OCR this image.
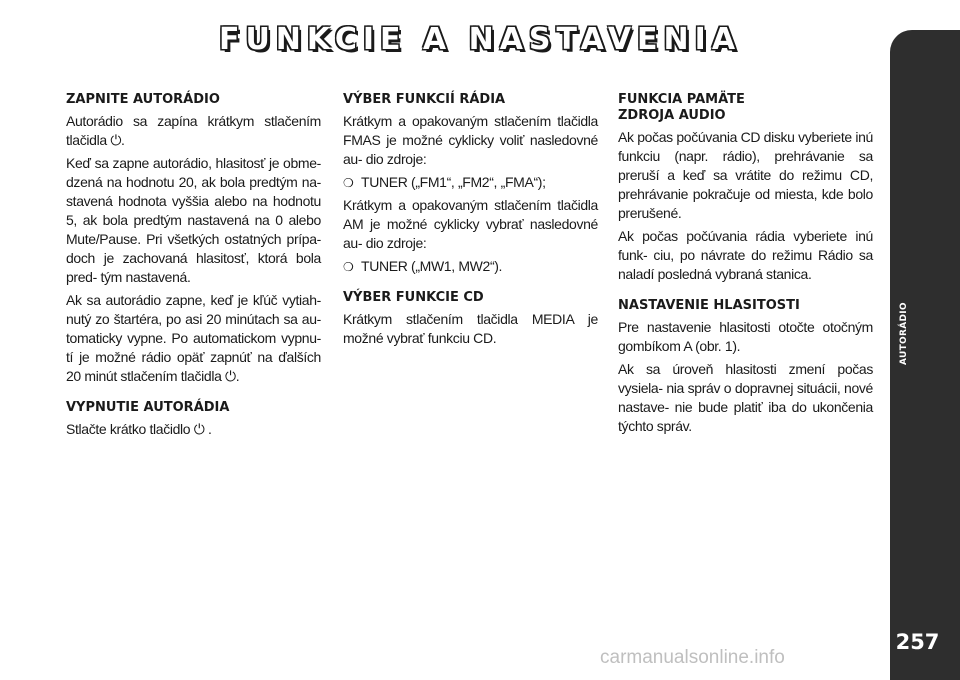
FUNKCIE A NASTAVENIA
ZAPNITE AUTORÁDIO

Autorádio sa zapína krátkym stlačením tlačidla ⏻.

Keď sa zapne autorádio, hlasitosť je obme- dzená na hodnotu 20, ak bola predtým na- stavená hodnota vyššia alebo na hodnotu 5, ak bola predtým nastavená na 0 alebo Mute/Pause. Pri všetkých ostatných prípa- doch je zachovaná hlasitosť, ktorá bola pred- tým nastavená.

Ak sa autorádio zapne, keď je kľúč vytiah- nutý zo štartéra, po asi 20 minútach sa au- tomaticky vypne. Po automatickom vypnu- tí je možné rádio opäť zapnúť na ďalších 20 minút stlačením tlačidla ⏻.

VYPNUTIE AUTORÁDIA

Stlačte krátko tlačidlo ⏻ .

VÝBER FUNKCIÍ RÁDIA

Krátkym a opakovaným stlačením tlačidla FMAS je možné cyklicky voliť nasledovné au- dio zdroje:

❍ TUNER („FM1“, „FM2“, „FMA“);

Krátkym a opakovaným stlačením tlačidla AM je možné cyklicky vybrať nasledovné au- dio zdroje:

❍ TUNER („MW1, MW2“).
VÝBER FUNKCIE CD

Krátkym stlačením tlačidla MEDIA je možné vybrať funkciu CD.

FUNKCIA PAMÄTE
ZDROJA AUDIO

Ak počas počúvania CD disku vyberiete inú funkciu (napr. rádio), prehrávanie sa preruší a keď sa vrátite do režimu CD, prehrávanie pokračuje od miesta, kde bolo prerušené.

Ak počas počúvania rádia vyberiete inú funk- ciu, po návrate do režimu Rádio sa naladí posledná vybraná stanica.

NASTAVENIE HLASITOSTI

Pre nastavenie hlasitosti otočte otočným gombíkom A (obr. 1).

Ak sa úroveň hlasitosti zmení počas vysiela- nia správ o dopravnej situácii, nové nastave- nie bude platiť iba do ukončenia týchto správ.

257
carmanualsonline.info
